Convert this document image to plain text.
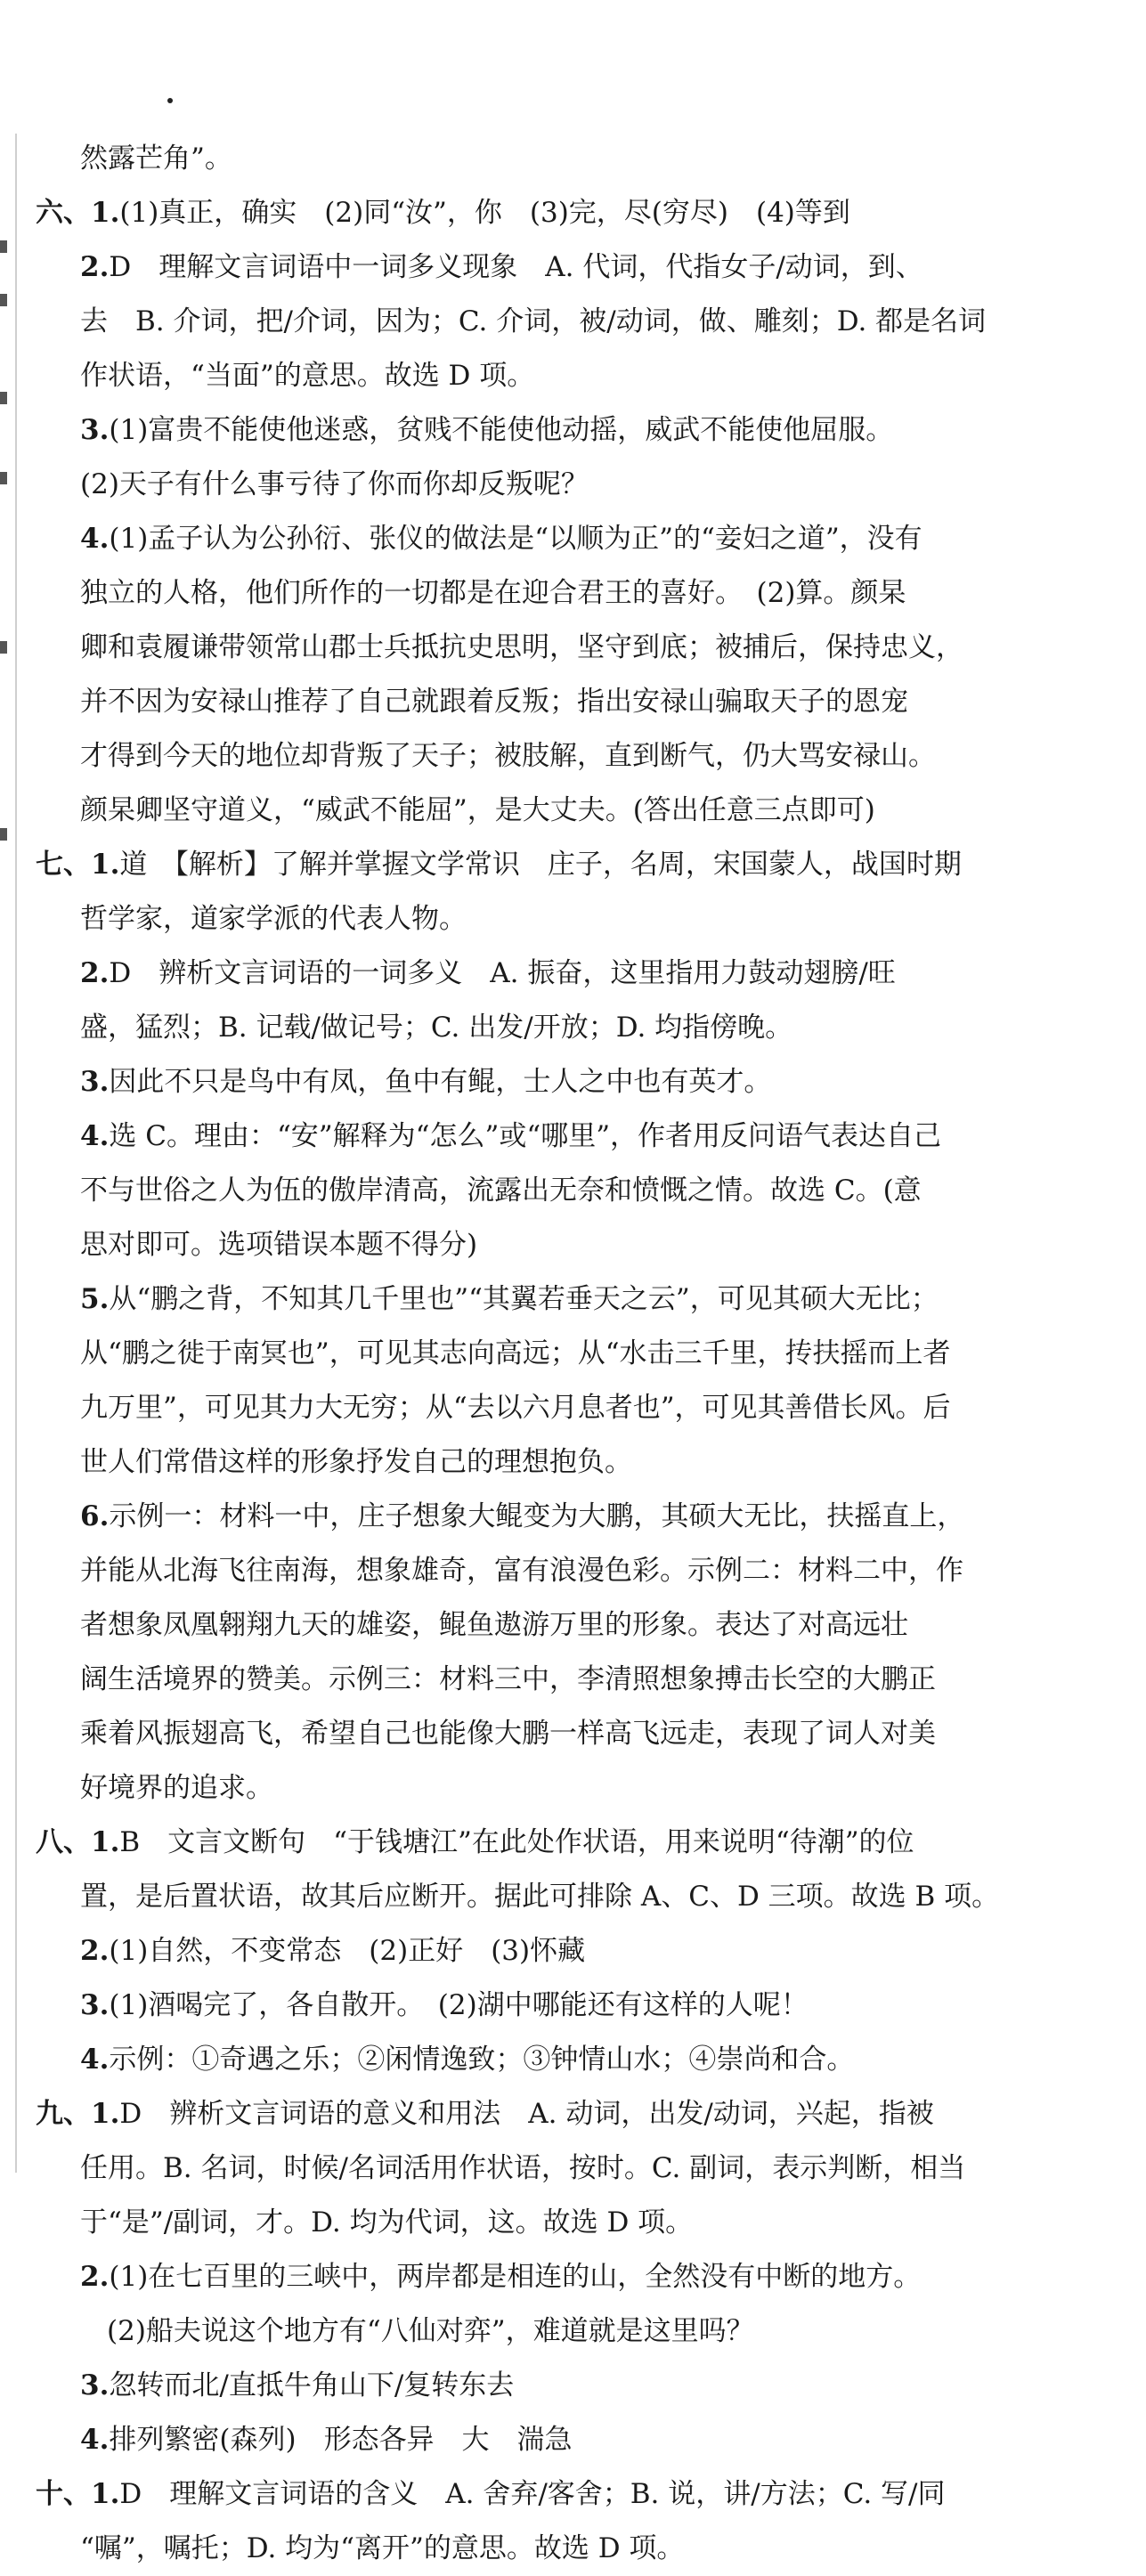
然露芒角”。
六、1.(1)真正，确实　(2)同“汝”，你　(3)完，尽(穷尽)　(4)等到
2.D　理解文言词语中一词多义现象　A. 代词，代指女子/动词，到、
去　B. 介词，把/介词，因为；C. 介词，被/动词，做、雕刻；D. 都是名词
作状语，“当面”的意思。故选 D 项。
3.(1)富贵不能使他迷惑，贫贱不能使他动摇，威武不能使他屈服。
(2)天子有什么事亏待了你而你却反叛呢？
4.(1)孟子认为公孙衍、张仪的做法是“以顺为正”的“妾妇之道”，没有
独立的人格，他们所作的一切都是在迎合君王的喜好。　(2)算。颜杲
卿和袁履谦带领常山郡士兵抵抗史思明，坚守到底；被捕后，保持忠义，
并不因为安禄山推荐了自己就跟着反叛；指出安禄山骗取天子的恩宠
才得到今天的地位却背叛了天子；被肢解，直到断气，仍大骂安禄山。
颜杲卿坚守道义，“威武不能屈”，是大丈夫。(答出任意三点即可)
七、1.道　【解析】了解并掌握文学常识　庄子，名周，宋国蒙人，战国时期
哲学家，道家学派的代表人物。
2.D　辨析文言词语的一词多义　A. 振奋，这里指用力鼓动翅膀/旺
盛，猛烈；B. 记载/做记号；C. 出发/开放；D. 均指傍晚。
3.因此不只是鸟中有凤，鱼中有鲲，士人之中也有英才。
4.选 C。理由：“安”解释为“怎么”或“哪里”，作者用反问语气表达自己
不与世俗之人为伍的傲岸清高，流露出无奈和愤慨之情。故选 C。(意
思对即可。选项错误本题不得分)
5.从“鹏之背，不知其几千里也”“其翼若垂天之云”，可见其硕大无比；
从“鹏之徙于南冥也”，可见其志向高远；从“水击三千里，抟扶摇而上者
九万里”，可见其力大无穷；从“去以六月息者也”，可见其善借长风。后
世人们常借这样的形象抒发自己的理想抱负。
6.示例一：材料一中，庄子想象大鲲变为大鹏，其硕大无比，扶摇直上，
并能从北海飞往南海，想象雄奇，富有浪漫色彩。示例二：材料二中，作
者想象凤凰翱翔九天的雄姿，鲲鱼遨游万里的形象。表达了对高远壮
阔生活境界的赞美。示例三：材料三中，李清照想象搏击长空的大鹏正
乘着风振翅高飞，希望自己也能像大鹏一样高飞远走，表现了词人对美
好境界的追求。
八、1.B　文言文断句　“于钱塘江”在此处作状语，用来说明“待潮”的位
置，是后置状语，故其后应断开。据此可排除 A、C、D 三项。故选 B 项。
2.(1)自然，不变常态　(2)正好　(3)怀藏
3.(1)酒喝完了，各自散开。　(2)湖中哪能还有这样的人呢！
4.示例：①奇遇之乐；②闲情逸致；③钟情山水；④崇尚和合。
九、1.D　辨析文言词语的意义和用法　A. 动词，出发/动词，兴起，指被
任用。B. 名词，时候/名词活用作状语，按时。C. 副词，表示判断，相当
于“是”/副词，才。D. 均为代词，这。故选 D 项。
2.(1)在七百里的三峡中，两岸都是相连的山，全然没有中断的地方。
(2)船夫说这个地方有“八仙对弈”，难道就是这里吗？
3.忽转而北/直抵牛角山下/复转东去
4.排列繁密(森列)　形态各异　大　湍急
十、1.D　理解文言词语的含义　A. 舍弃/客舍；B. 说，讲/方法；C. 写/同
“嘱”，嘱托；D. 均为“离开”的意思。故选 D 项。
